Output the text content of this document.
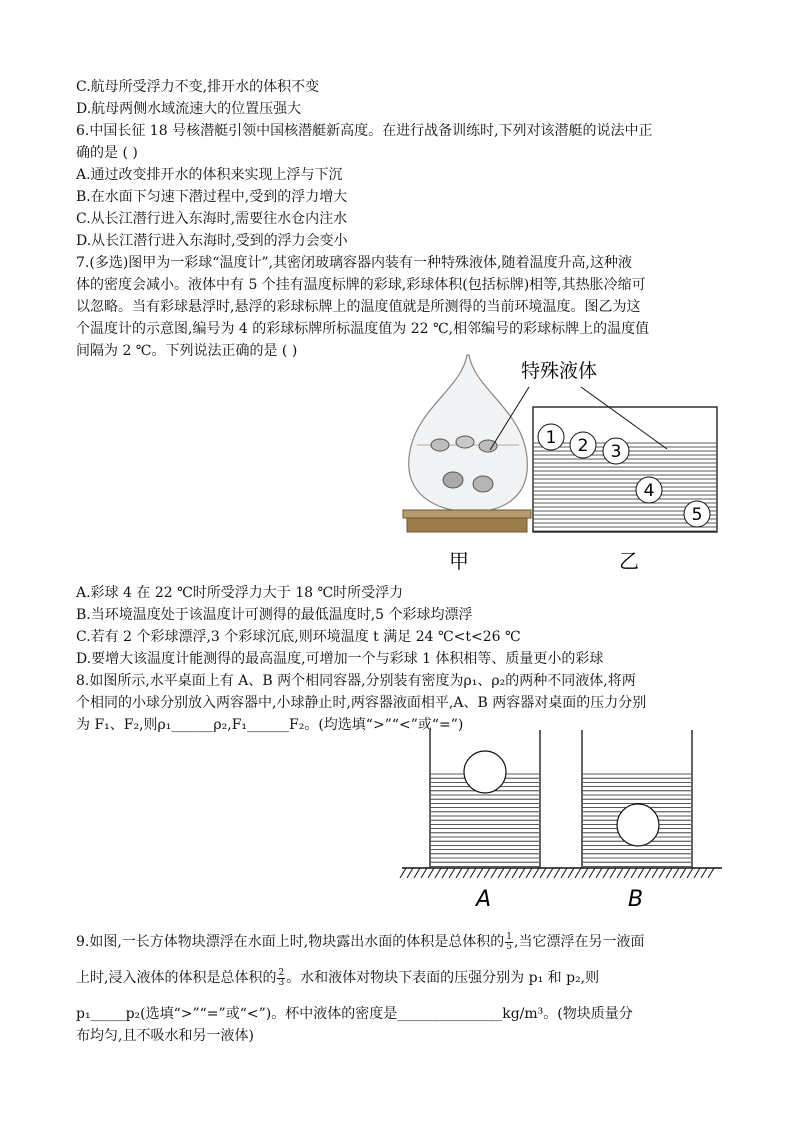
C.航母所受浮力不变,排开水的体积不变
D.航母两侧水域流速大的位置压强大
6.中国长征 18 号核潜艇引领中国核潜艇新高度。在进行战备训练时,下列对该潜艇的说法中正
确的是 ( )
A.通过改变排开水的体积来实现上浮与下沉
B.在水面下匀速下潜过程中,受到的浮力增大
C.从长江潜行进入东海时,需要往水仓内注水
D.从长江潜行进入东海时,受到的浮力会变小
7.(多选)图甲为一彩球“温度计”,其密闭玻璃容器内装有一种特殊液体,随着温度升高,这种液
体的密度会减小。液体中有 5 个挂有温度标牌的彩球,彩球体积(包括标牌)相等,其热胀冷缩可
以忽略。当有彩球悬浮时,悬浮的彩球标牌上的温度值就是所测得的当前环境温度。图乙为这
个温度计的示意图,编号为 4 的彩球标牌所标温度值为 22 ℃,相邻编号的彩球标牌上的温度值
间隔为 2 ℃。下列说法正确的是 ( )
1 2 3
4
5
特殊液体
甲	乙
A.彩球 4 在 22 ℃时所受浮力大于 18 ℃时所受浮力
B.当环境温度处于该温度计可测得的最低温度时,5 个彩球均漂浮
C.若有 2 个彩球漂浮,3 个彩球沉底,则环境温度 t 满足 24 ℃<t<26 ℃
D.要增大该温度计能测得的最高温度,可增加一个与彩球 1 体积相等、质量更小的彩球
8.如图所示,水平桌面上有 A、B 两个相同容器,分别装有密度为ρ₁、ρ₂的两种不同液体,将两
个相同的小球分别放入两容器中,小球静止时,两容器液面相平,A、B 两容器对桌面的压力分别
为 F₁、F₂,则ρ₁______ρ₂,F₁______F₂。(均选填“>”“<”或“=”)
A	B
9.如图,一长方体物块漂浮在水面上时,物块露出水面的体积是总体积的 $\frac{1}{5}$ ,当它漂浮在另一液面
上时,浸入液体的体积是总体积的 $\frac{2}{3}$ 。水和液体对物块下表面的压强分别为 p₁ 和 p₂,则
p₁_____p₂(选填“>”“=”或“<”)。杯中液体的密度是_______________kg/m³。(物块质量分
布均匀,且不吸水和另一液体)
